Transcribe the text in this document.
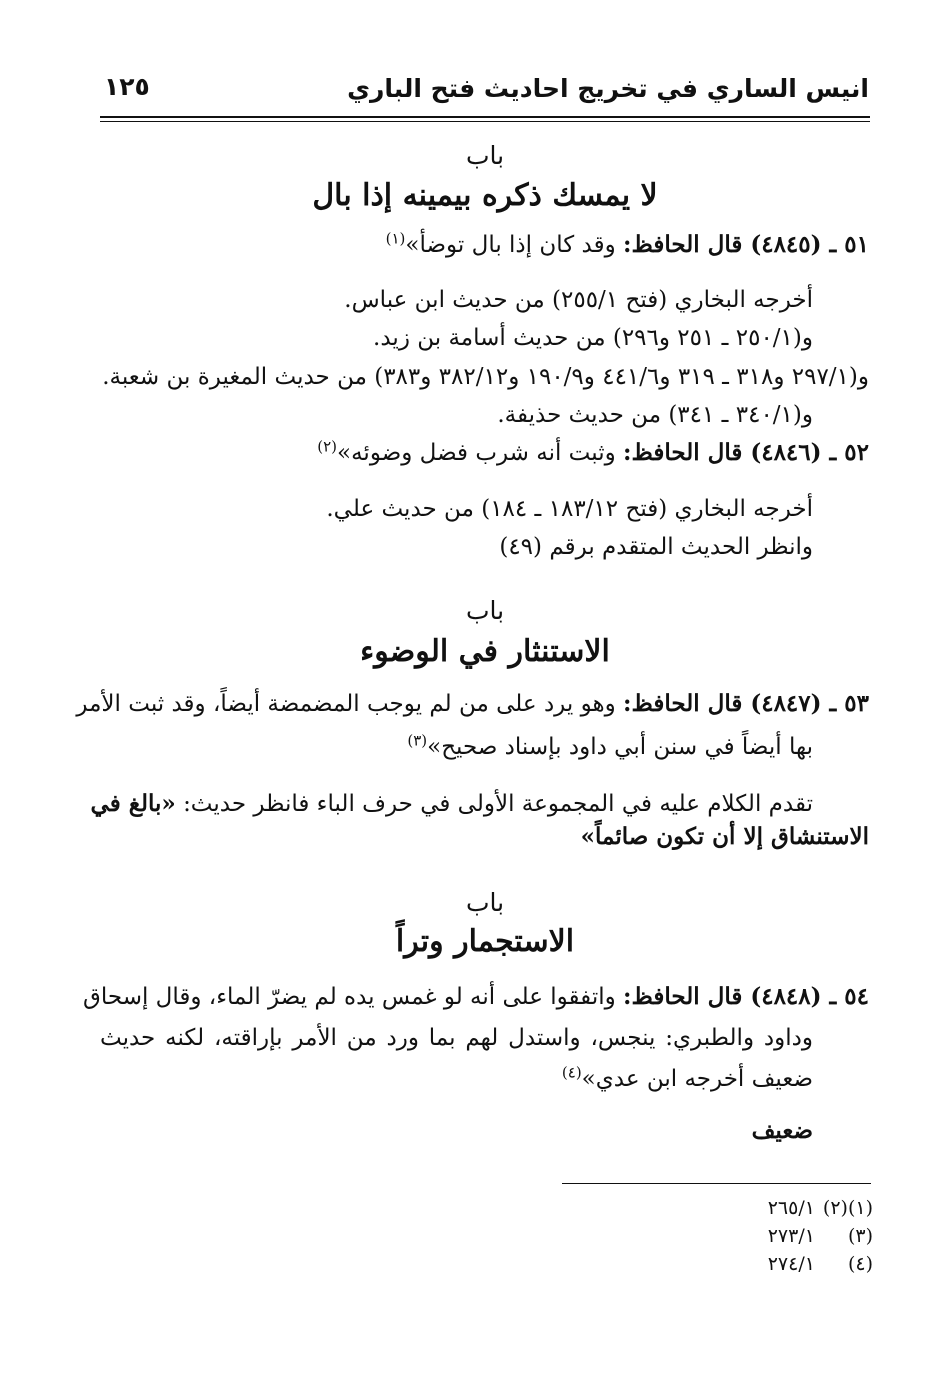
انيس الساري في تخريج احاديث فتح الباري
١٢٥
باب
لا يمسك ذكره بيمينه إذا بال
٥١ ـ (٤٨٤٥) قال الحافظ: وقد كان إذا بال توضأ»$^{(١)}$
أخرجه البخاري (فتح ٢٥٥/١) من حديث ابن عباس.
و(٢٥٠/١ ـ ٢٥١ و٢٩٦) من حديث أسامة بن زيد.
و(٢٩٧/١ و٣١٨ ـ ٣١٩ و٤٤١/٦ و١٩٠/٩ و٣٨٢/١٢ و٣٨٣) من حديث المغيرة بن شعبة.
و(٣٤٠/١ ـ ٣٤١) من حديث حذيفة.
٥٢ ـ (٤٨٤٦) قال الحافظ: وثبت أنه شرب فضل وضوئه»$^{(٢)}$
أخرجه البخاري (فتح ١٨٣/١٢ ـ ١٨٤) من حديث علي.
وانظر الحديث المتقدم برقم (٤٩)
باب
الاستنثار في الوضوء
٥٣ ـ (٤٨٤٧) قال الحافظ: وهو يرد على من لم يوجب المضمضة أيضاً، وقد ثبت الأمر
بها أيضاً في سنن أبي داود بإسناد صحيح»$^{(٣)}$
تقدم الكلام عليه في المجموعة الأولى في حرف الباء فانظر حديث: «بالغ في
الاستنشاق إلا أن تكون صائماً»
باب
الاستجمار وتراً
٥٤ ـ (٤٨٤٨) قال الحافظ: واتفقوا على أنه لو غمس يده لم يضرّ الماء، وقال إسحاق
وداود والطبري: ينجس، واستدل لهم بما ورد من الأمر بإراقته، لكنه حديث
ضعيف أخرجه ابن عدي»$^{(٤)}$
ضعيف
(١)(٢) ٢٦٥/١
(٣) ٢٧٣/١
(٤) ٢٧٤/١
